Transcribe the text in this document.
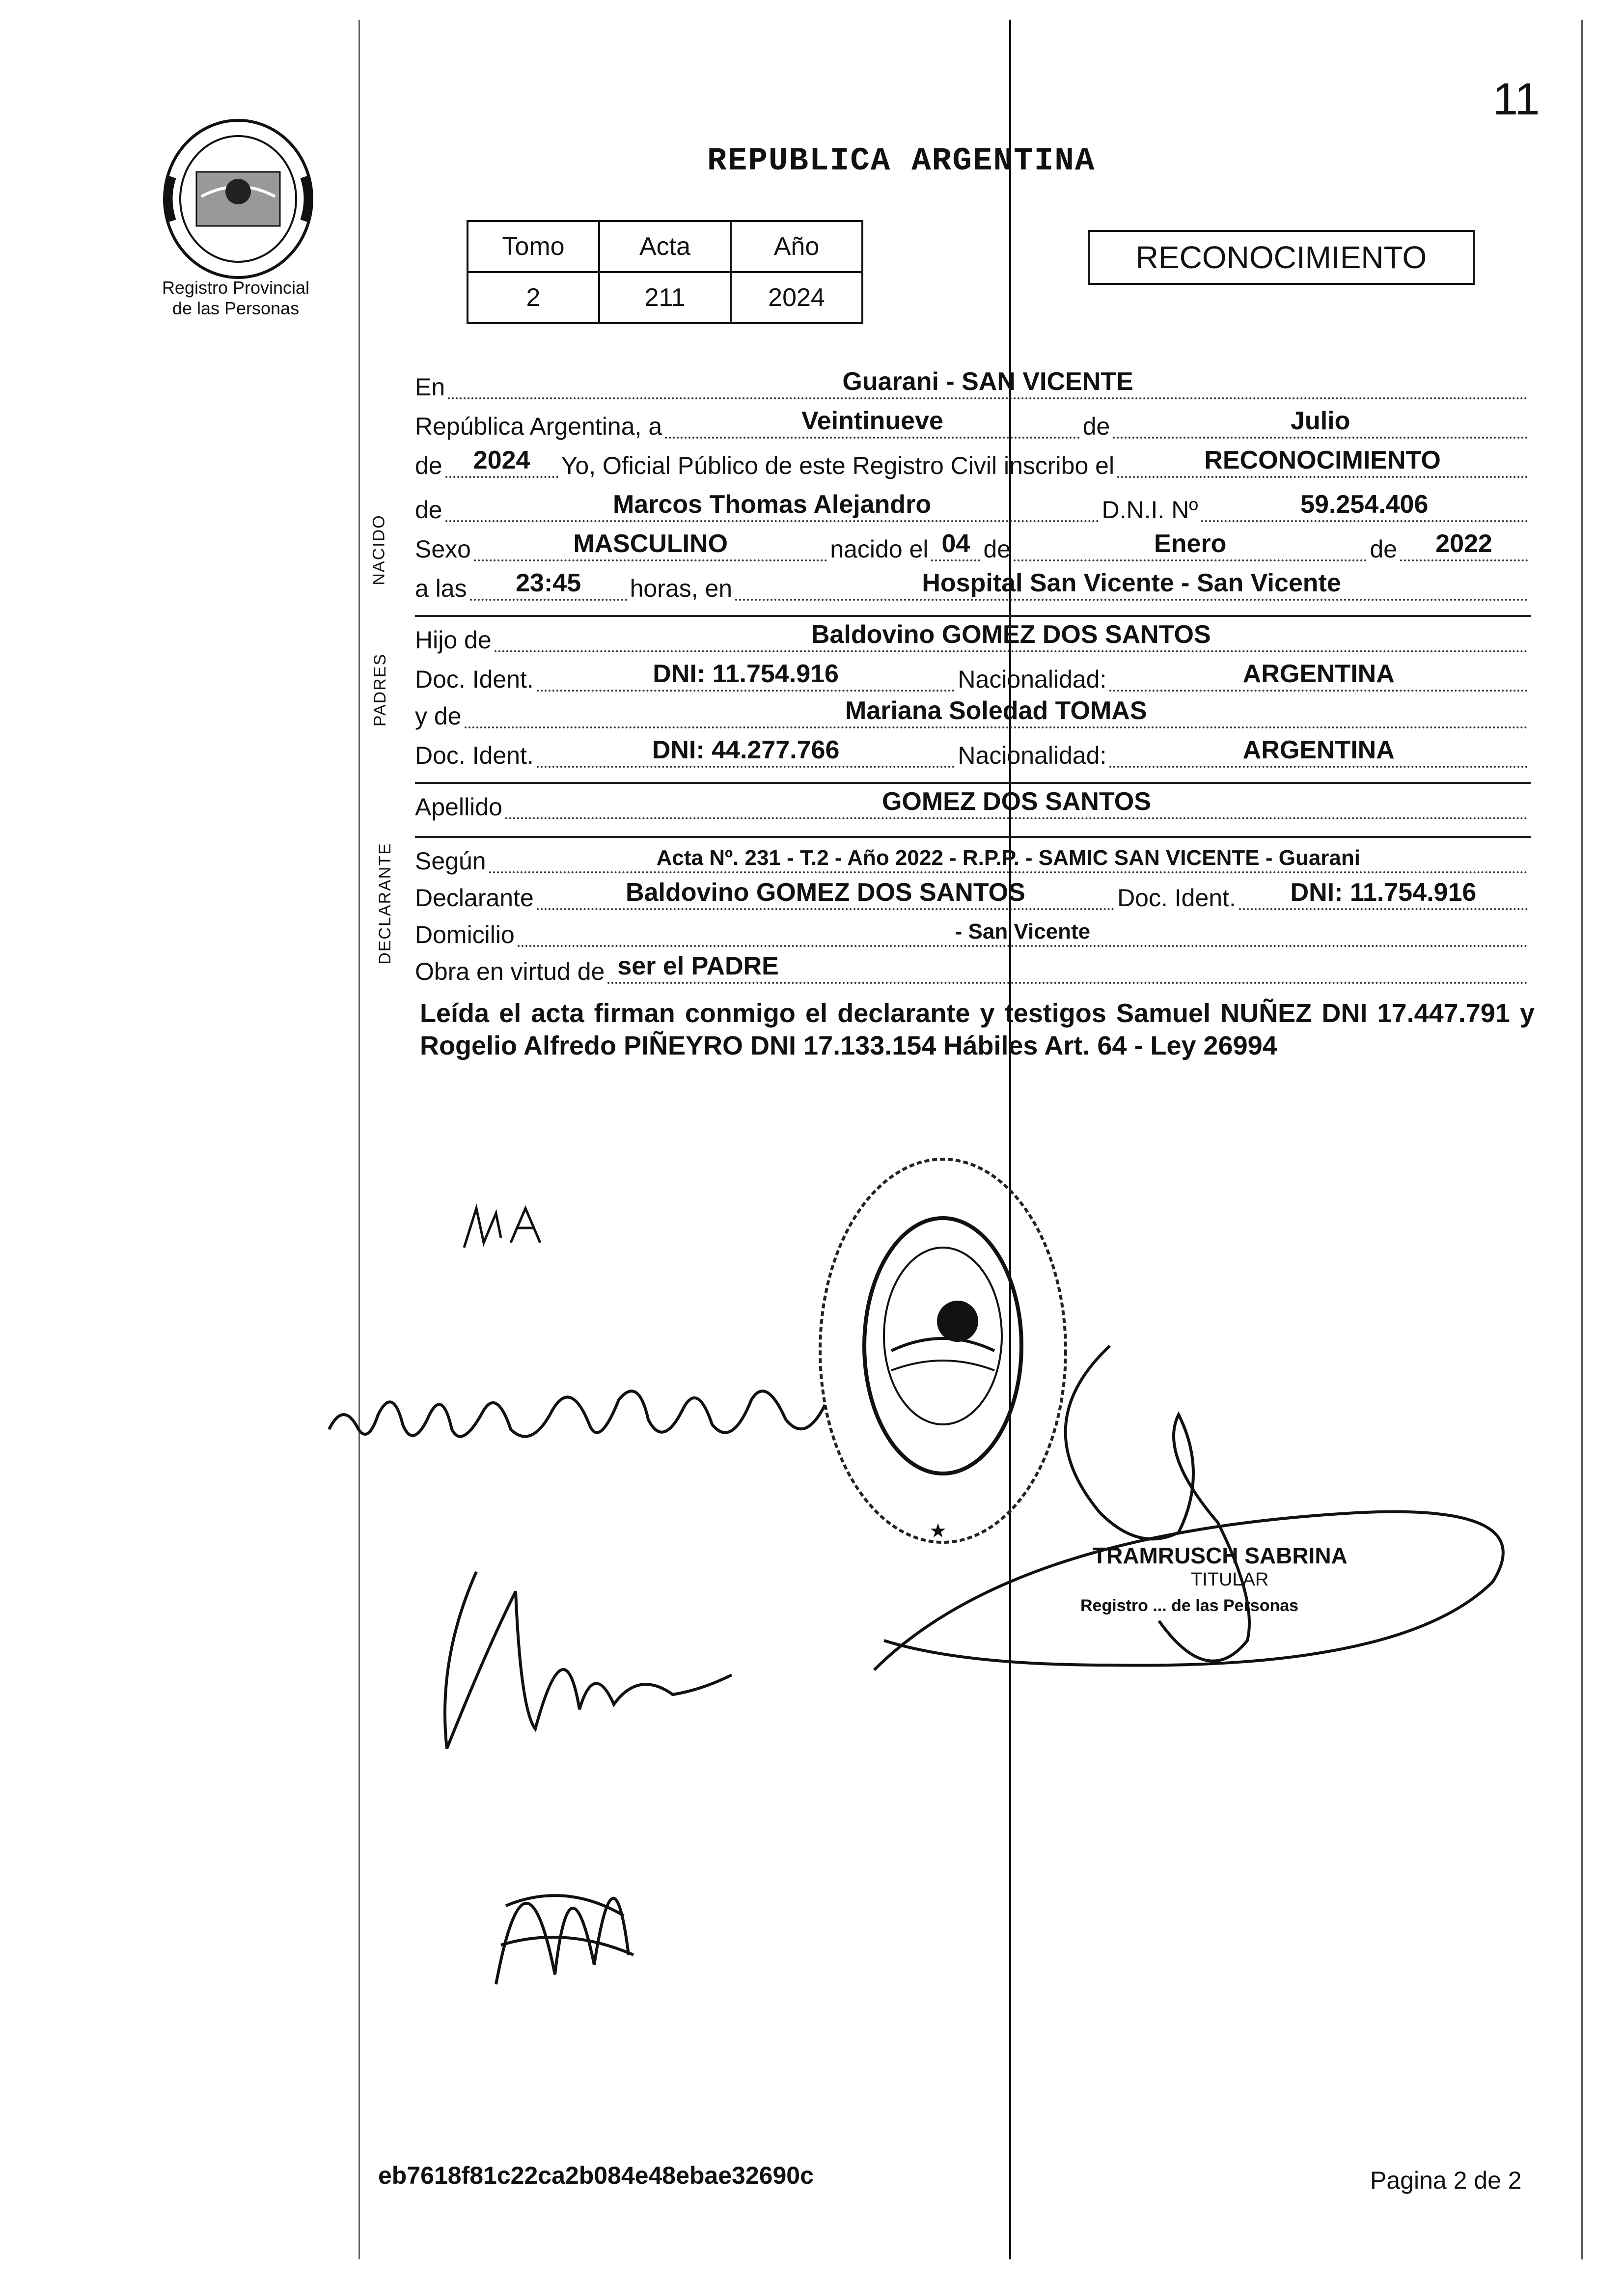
11
Registro Provincial
de las Personas
REPUBLICA ARGENTINA
Tomo	Acta	Año
2	211	2024
RECONOCIMIENTO
NACIDO
PADRES
DECLARANTE
En	Guarani - SAN VICENTE
República Argentina, a	Veintinueve	de	Julio
de	2024	Yo, Oficial Público de este Registro Civil inscribo el	RECONOCIMIENTO
de	Marcos Thomas Alejandro	D.N.I. Nº	59.254.406
Sexo	MASCULINO	nacido el 04 de	Enero	de	2022
a las	23:45	horas, en	Hospital San Vicente - San Vicente
Hijo de	Baldovino GOMEZ DOS SANTOS
Doc. Ident.	DNI: 11.754.916	Nacionalidad:	ARGENTINA
y de	Mariana Soledad TOMAS
Doc. Ident.	DNI: 44.277.766	Nacionalidad:	ARGENTINA
Apellido	GOMEZ DOS SANTOS
Según	Acta Nº. 231 - T.2 - Año 2022 - R.P.P. - SAMIC SAN VICENTE - Guarani
Declarante	Baldovino GOMEZ DOS SANTOS	Doc. Ident.	DNI: 11.754.916
Domicilio	- San Vicente
Obra en virtud de ser el PADRE
Leída el acta firman conmigo el declarante y testigos Samuel NUÑEZ DNI 17.447.791 y Rogelio Alfredo PIÑEYRO DNI 17.133.154 Hábiles Art. 64 - Ley 26994
★
TRAMRUSCH SABRINA
TITULAR
Registro ... de las Personas
eb7618f81c22ca2b084e48ebae32690c	Pagina 2 de 2
